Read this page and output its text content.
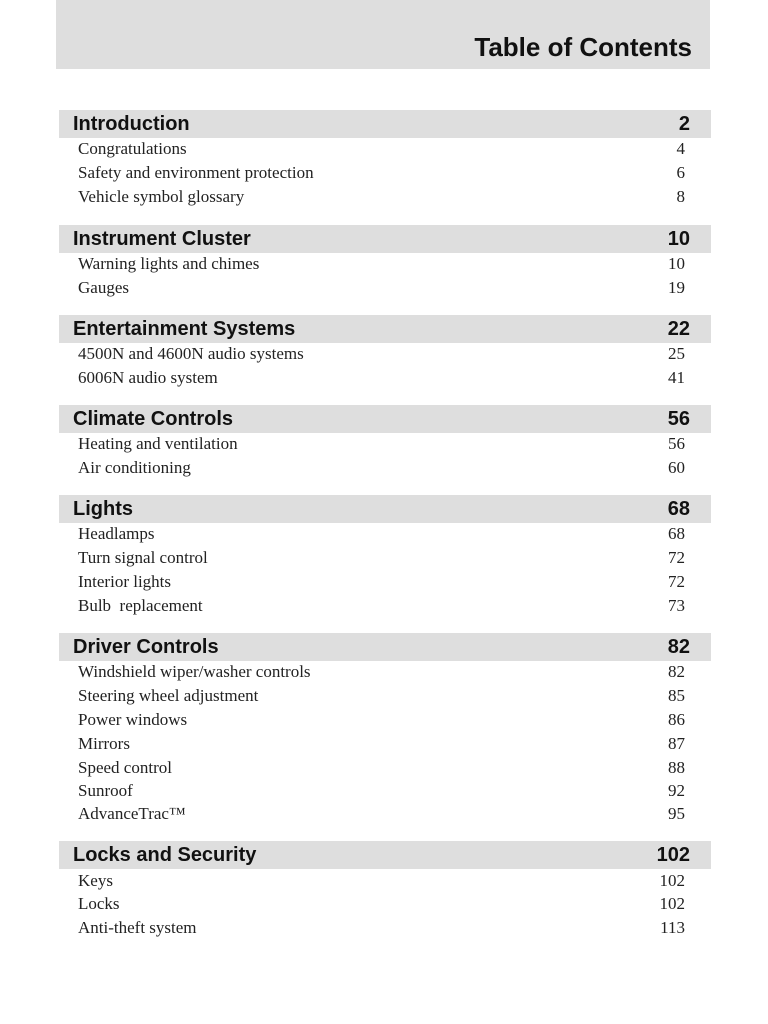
Table of Contents
Introduction	2
Congratulations	4
Safety and environment protection	6
Vehicle symbol glossary	8
Instrument Cluster	10
Warning lights and chimes	10
Gauges	19
Entertainment Systems	22
4500N and 4600N audio systems	25
6006N audio system	41
Climate Controls	56
Heating and ventilation	56
Air conditioning	60
Lights	68
Headlamps	68
Turn signal control	72
Interior lights	72
Bulb  replacement	73
Driver Controls	82
Windshield wiper/washer controls	82
Steering wheel adjustment	85
Power windows	86
Mirrors	87
Speed control	88
Sunroof	92
AdvanceTrac™	95
Locks and Security	102
Keys	102
Locks	102
Anti-theft system	113
